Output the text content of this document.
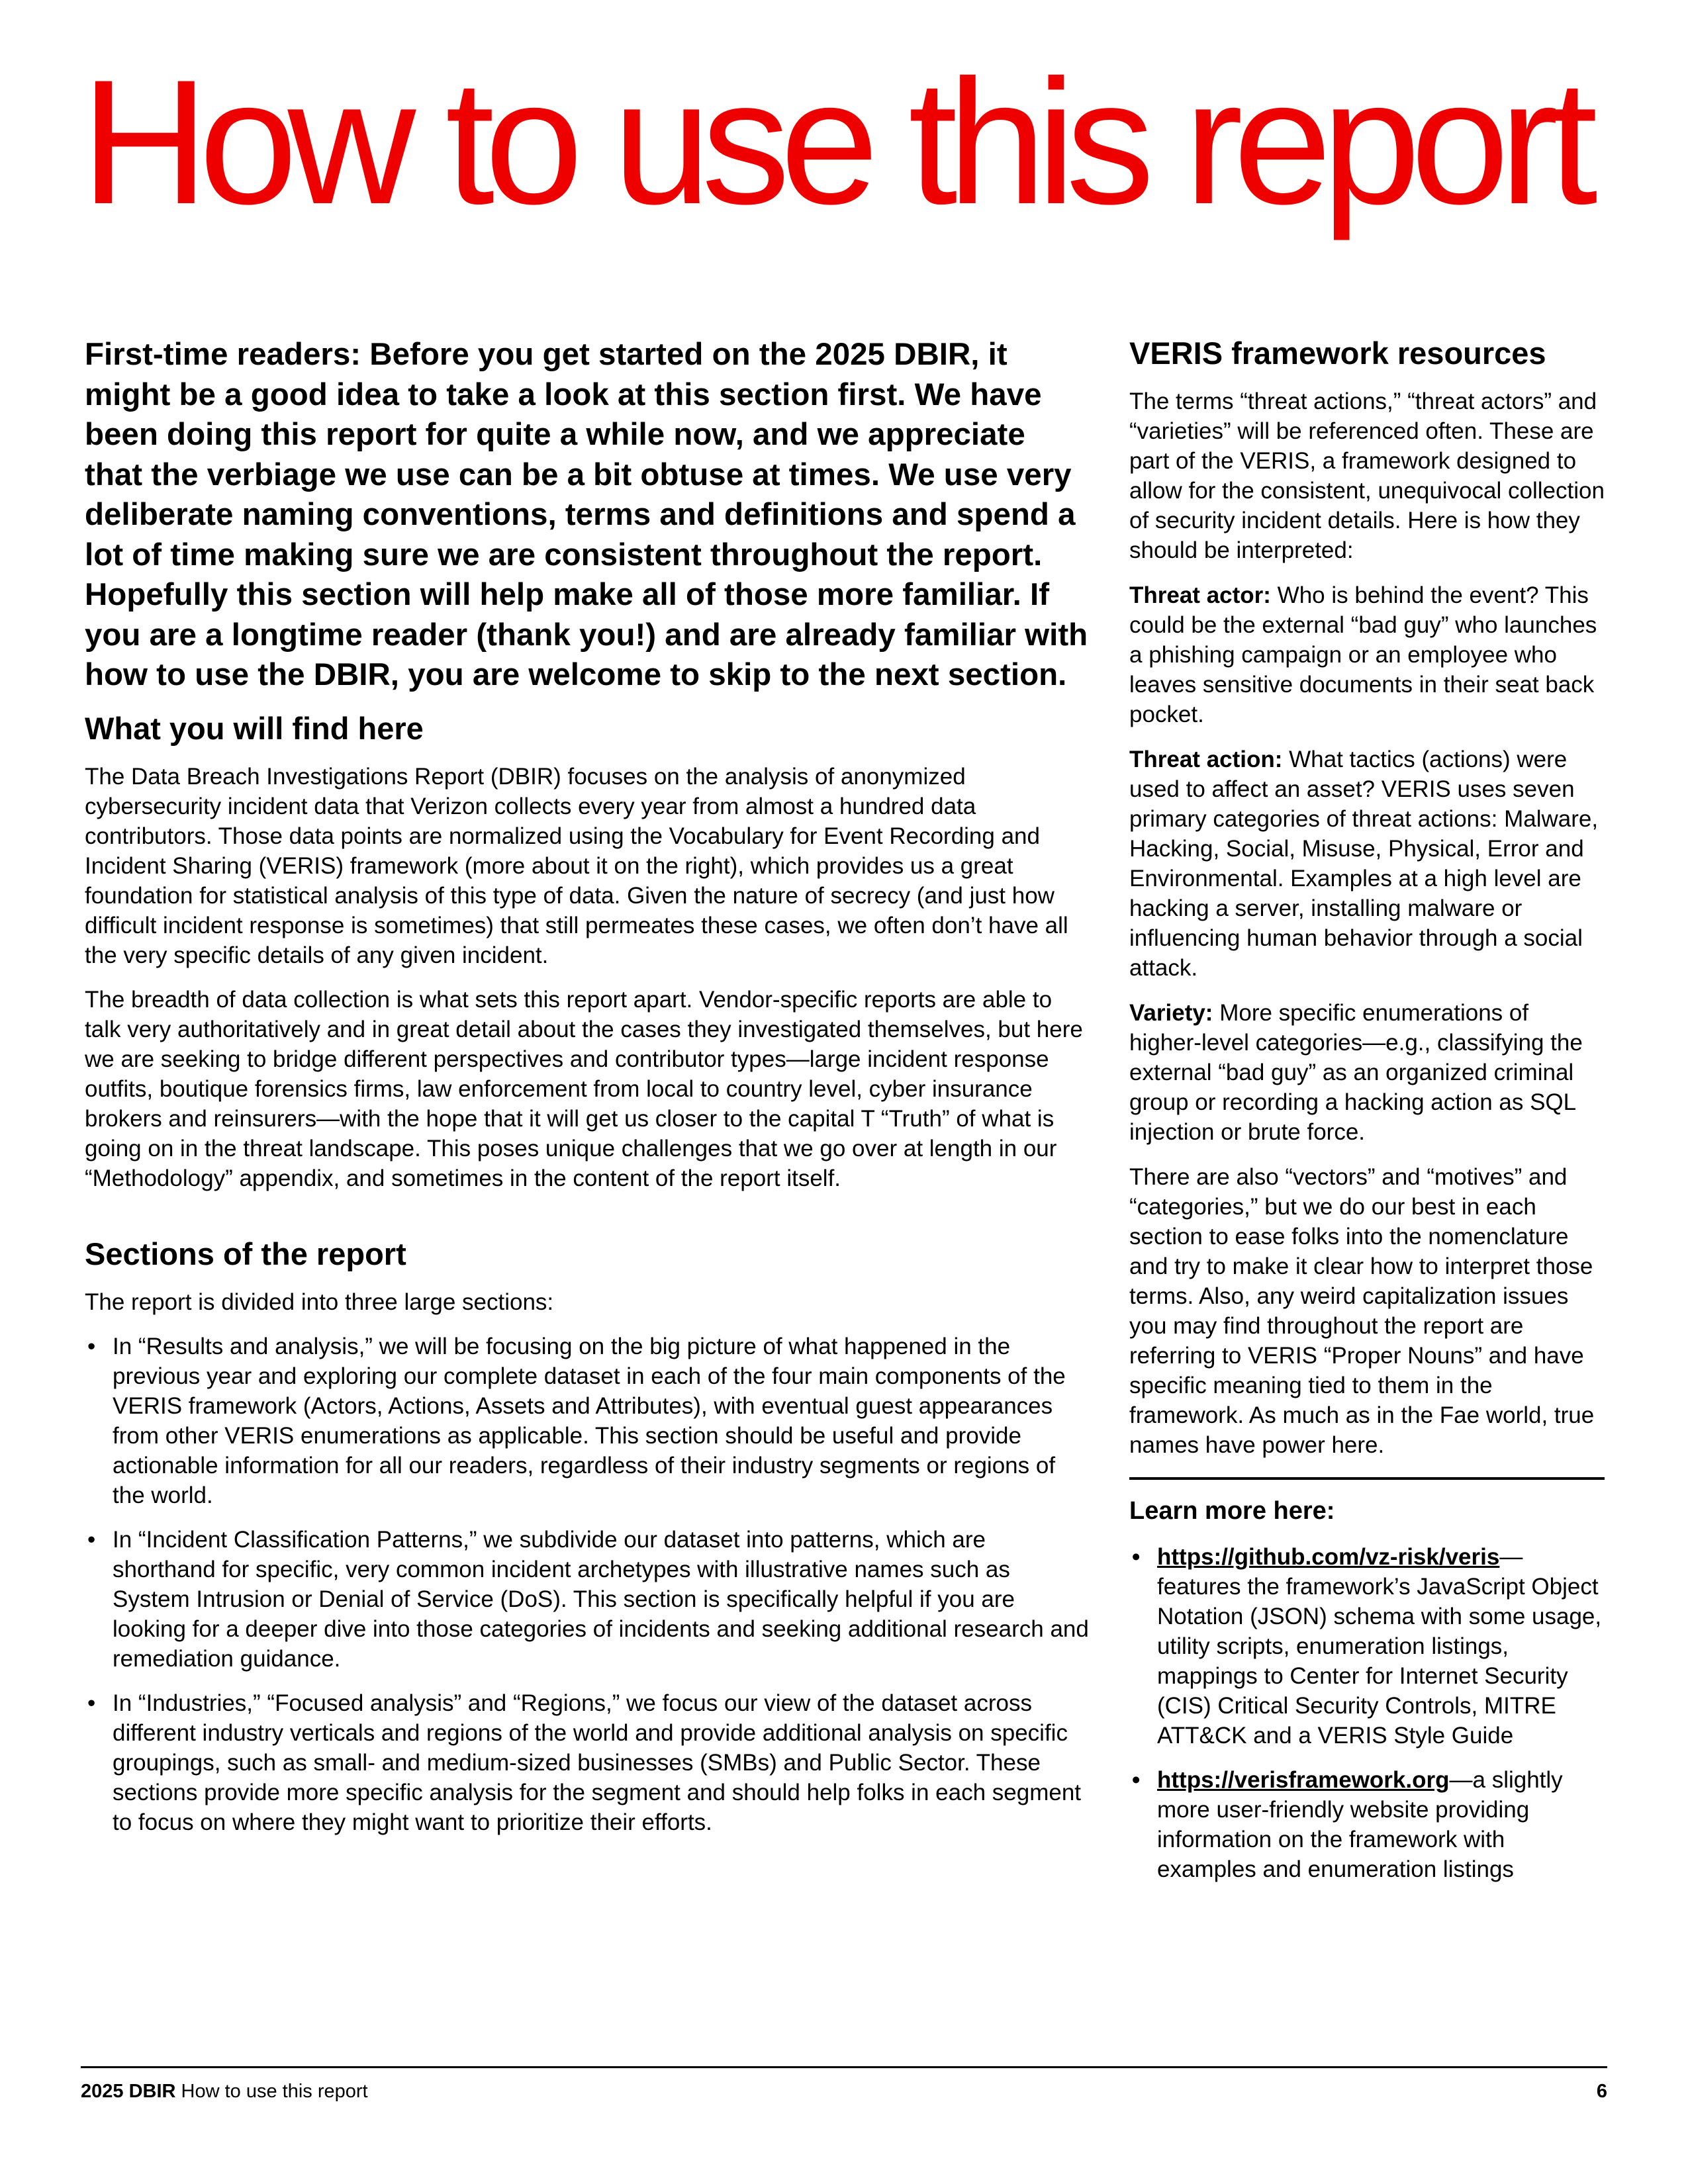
How to use this report

First-time readers: Before you get started on the 2025 DBIR, it might be a good idea to take a look at this section first. We have been doing this report for quite a while now, and we appreciate that the verbiage we use can be a bit obtuse at times. We use very deliberate naming conventions, terms and definitions and spend a lot of time making sure we are consistent throughout the report. Hopefully this section will help make all of those more familiar. If you are a longtime reader (thank you!) and are already familiar with how to use the DBIR, you are welcome to skip to the next section.

What you will find here

The Data Breach Investigations Report (DBIR) focuses on the analysis of anonymized cybersecurity incident data that Verizon collects every year from almost a hundred data contributors. Those data points are normalized using the Vocabulary for Event Recording and Incident Sharing (VERIS) framework (more about it on the right), which provides us a great foundation for statistical analysis of this type of data. Given the nature of secrecy (and just how difficult incident response is sometimes) that still permeates these cases, we often don’t have all the very specific details of any given incident.

The breadth of data collection is what sets this report apart. Vendor-specific reports are able to talk very authoritatively and in great detail about the cases they investigated themselves, but here we are seeking to bridge different perspectives and contributor types—large incident response outfits, boutique forensics firms, law enforcement from local to country level, cyber insurance brokers and reinsurers—with the hope that it will get us closer to the capital T “Truth” of what is going on in the threat landscape. This poses unique challenges that we go over at length in our “Methodology” appendix, and sometimes in the content of the report itself.

Sections of the report

The report is divided into three large sections:

• In “Results and analysis,” we will be focusing on the big picture of what happened in the previous year and exploring our complete dataset in each of the four main components of the VERIS framework (Actors, Actions, Assets and Attributes), with eventual guest appearances from other VERIS enumerations as applicable. This section should be useful and provide actionable information for all our readers, regardless of their industry segments or regions of the world.
• In “Incident Classification Patterns,” we subdivide our dataset into patterns, which are shorthand for specific, very common incident archetypes with illustrative names such as System Intrusion or Denial of Service (DoS). This section is specifically helpful if you are looking for a deeper dive into those categories of incidents and seeking additional research and remediation guidance.
• In “Industries,” “Focused analysis” and “Regions,” we focus our view of the dataset across different industry verticals and regions of the world and provide additional analysis on specific groupings, such as small- and medium-sized businesses (SMBs) and Public Sector. These sections provide more specific analysis for the segment and should help folks in each segment to focus on where they might want to prioritize their efforts.
VERIS framework resources

The terms “threat actions,” “threat actors” and “varieties” will be referenced often. These are part of the VERIS, a framework designed to allow for the consistent, unequivocal collection of security incident details. Here is how they should be interpreted:

Threat actor: Who is behind the event? This could be the external “bad guy” who launches a phishing campaign or an employee who leaves sensitive documents in their seat back pocket.

Threat action: What tactics (actions) were used to affect an asset? VERIS uses seven primary categories of threat actions: Malware, Hacking, Social, Misuse, Physical, Error and Environmental. Examples at a high level are hacking a server, installing malware or influencing human behavior through a social attack.

Variety: More specific enumerations of higher-level categories—e.g., classifying the external “bad guy” as an organized criminal group or recording a hacking action as SQL injection or brute force.

There are also “vectors” and “motives” and “categories,” but we do our best in each section to ease folks into the nomenclature and try to make it clear how to interpret those terms. Also, any weird capitalization issues you may find throughout the report are referring to VERIS “Proper Nouns” and have specific meaning tied to them in the framework. As much as in the Fae world, true names have power here.

Learn more here:
• https://github.com/vz-risk/veris—features the framework’s JavaScript Object Notation (JSON) schema with some usage, utility scripts, enumeration listings, mappings to Center for Internet Security (CIS) Critical Security Controls, MITRE ATT&CK and a VERIS Style Guide
• https://verisframework.org—a slightly more user-friendly website providing information on the framework with examples and enumeration listings
2025 DBIR How to use this report	6
